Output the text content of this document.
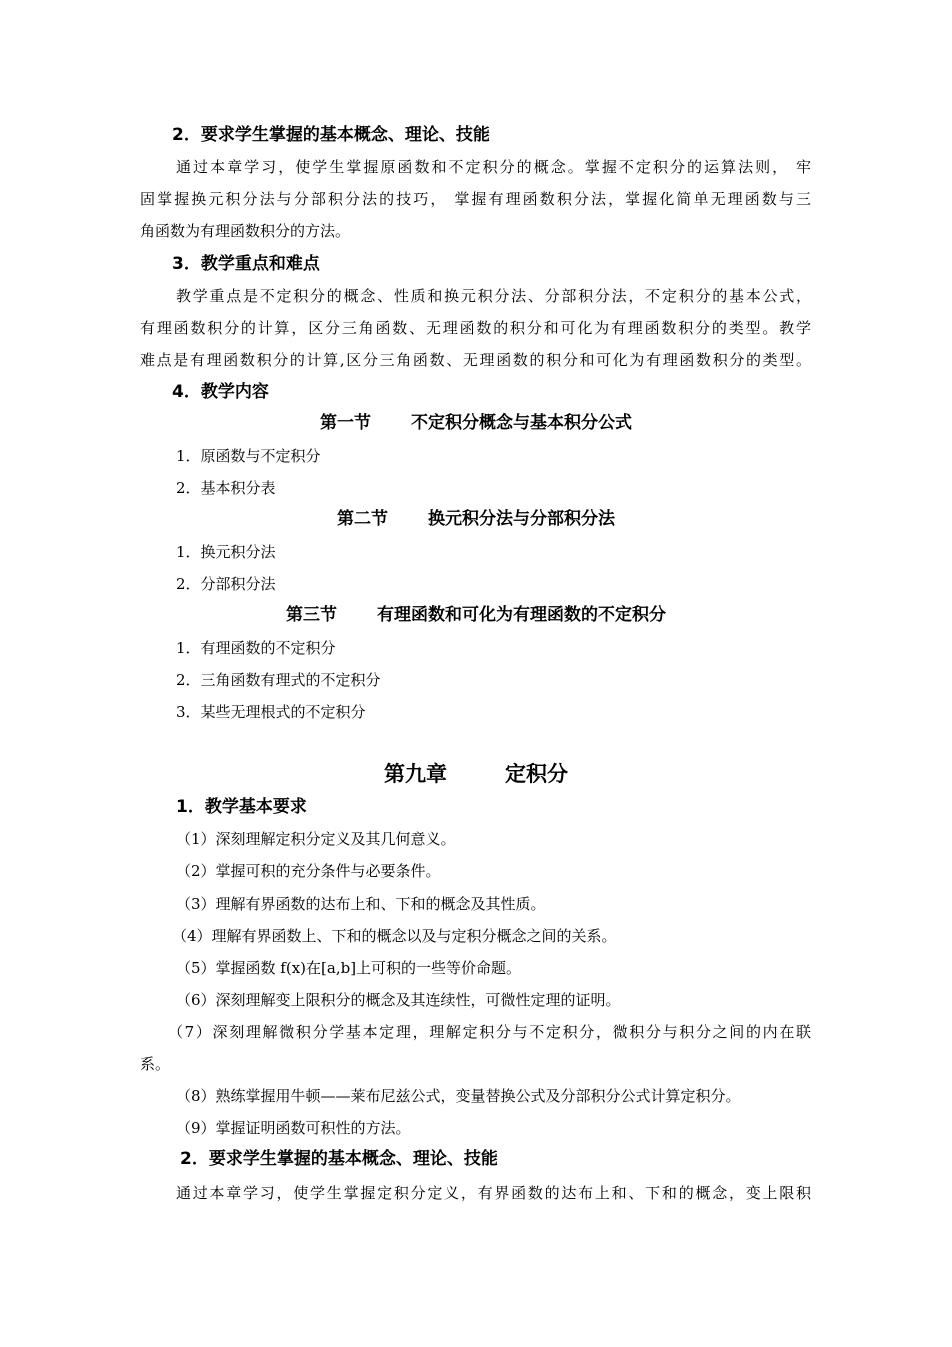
2．要求学生掌握的基本概念、理论、技能
通过本章学习，使学生掌握原函数和不定积分的概念。掌握不定积分的运算法则， 牢
固掌握换元积分法与分部积分法的技巧， 掌握有理函数积分法，掌握化简单无理函数与三
角函数为有理函数积分的方法。
3．教学重点和难点
教学重点是不定积分的概念、性质和换元积分法、分部积分法，不定积分的基本公式，
有理函数积分的计算，区分三角函数、无理函数的积分和可化为有理函数积分的类型。教学
难点是有理函数积分的计算,区分三角函数、无理函数的积分和可化为有理函数积分的类型。
4．教学内容
第一节 不定积分概念与基本积分公式
1．原函数与不定积分
2．基本积分表
第二节 换元积分法与分部积分法
1．换元积分法
2．分部积分法
第三节 有理函数和可化为有理函数的不定积分
1．有理函数的不定积分
2．三角函数有理式的不定积分
3．某些无理根式的不定积分
第九章	定积分
1．教学基本要求
（1）深刻理解定积分定义及其几何意义。
（2）掌握可积的充分条件与必要条件。
（3）理解有界函数的达布上和、下和的概念及其性质。
（4）理解有界函数上、下和的概念以及与定积分概念之间的关系。
（5）掌握函数 f(x)在[a,b]上可积的一些等价命题。
（6）深刻理解变上限积分的概念及其连续性，可微性定理的证明。
（7）深刻理解微积分学基本定理，理解定积分与不定积分，微积分与积分之间的内在联
系。
（8）熟练掌握用牛顿——莱布尼兹公式，变量替换公式及分部积分公式计算定积分。
（9）掌握证明函数可积性的方法。
2．要求学生掌握的基本概念、理论、技能
通过本章学习，使学生掌握定积分定义，有界函数的达布上和、下和的概念，变上限积
